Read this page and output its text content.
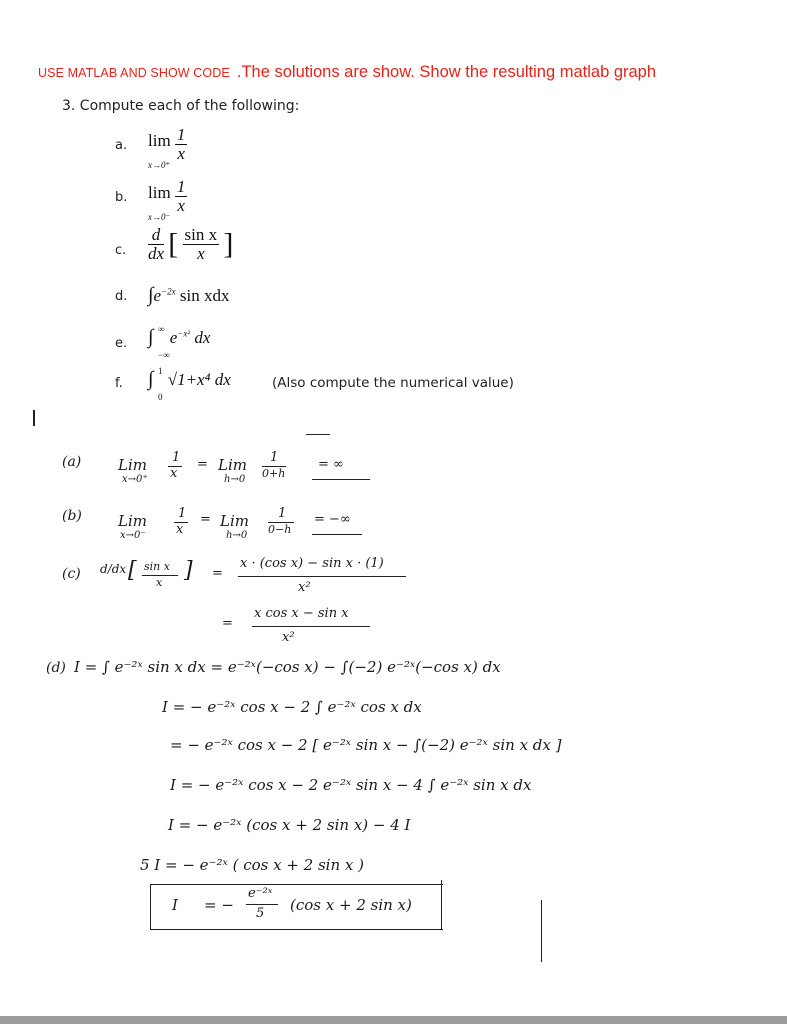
USE MATLAB AND SHOW CODE .The solutions are show. Show the resulting matlab graph
3. Compute each of the following:
a. $\lim \frac{1}{x}$
x→0⁺
b. $\lim \frac{1}{x}$
x→0⁻
c. $\frac{d}{dx}$ [ $\frac{\text{sin x}}{x}$ ]
d. $\int e^{-2x}$ sin xdx
e. ∫ ∞
−∞
$e^{-x^2}$ dx
f. ∫ 1
0
√1+x⁴ dx	(Also compute the numerical value)
(a) Lim
x→0⁺
1
x
= Lim
h→0
1
0+h
= ∞
(b) Lim
x→0⁻
1
x
= Lim
h→0
1
0−h
= −∞
(c) d/dx [ sin x
x ] =
x · (cos x) − sin x · (1)
x²
=
x cos x − sin x
x²
(d) I = ∫ e⁻²ˣ sin x dx = e⁻²ˣ(−cos x) − ∫(−2) e⁻²ˣ(−cos x) dx
I = − e⁻²ˣ cos x − 2 ∫ e⁻²ˣ cos x dx
= − e⁻²ˣ cos x − 2 [ e⁻²ˣ sin x − ∫(−2) e⁻²ˣ sin x dx ]
I = − e⁻²ˣ cos x − 2 e⁻²ˣ sin x − 4 ∫ e⁻²ˣ sin x dx
I = − e⁻²ˣ (cos x + 2 sin x) − 4 I
5 I = − e⁻²ˣ ( cos x + 2 sin x )
I = −
e⁻²ˣ
5 (cos x + 2 sin x)
